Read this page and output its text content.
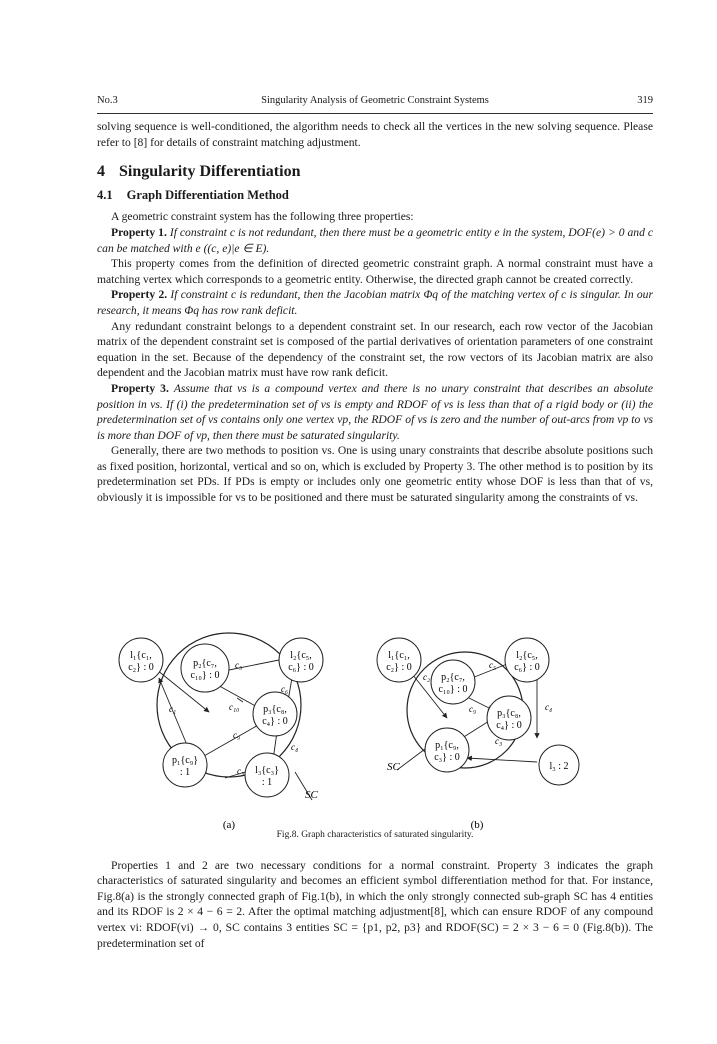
No.3	Singularity Analysis of Geometric Constraint Systems	319

solving sequence is well-conditioned, the algorithm needs to check all the vertices in the new solving sequence. Please refer to [8] for details of constraint matching adjustment.

4 Singularity Differentiation
4.1 Graph Differentiation Method

A geometric constraint system has the following three properties:

Property 1. If constraint c is not redundant, then there must be a geometric entity e in the system, DOF(e) > 0 and c can be matched with e ((c, e)|e ∈ E).

This property comes from the definition of directed geometric constraint graph. A normal constraint must have a matching vertex which corresponds to a geometric entity. Otherwise, the directed graph cannot be created correctly.

Property 2. If constraint c is redundant, then the Jacobian matrix Φq of the matching vertex of c is singular. In our research, it means Φq has row rank deficit.

Any redundant constraint belongs to a dependent constraint set. In our research, each row vector of the Jacobian matrix of the dependent constraint set is composed of the partial derivatives of orientation parameters of one constraint equation in the set. Because of the dependency of the constraint set, the row vectors of its Jacobian matrix are also dependent and the Jacobian matrix must have row rank deficit.

Property 3. Assume that vs is a compound vertex and there is no unary constraint that describes an absolute position in vs. If (i) the predetermination set of vs is empty and RDOF of vs is less than that of a rigid body or (ii) the predetermination set of vs contains only one vertex vp, the RDOF of vs is zero and the number of out-arcs from vp to vs is more than DOF of vp, then there must be saturated singularity.

Generally, there are two methods to position vs. One is using unary constraints that describe absolute positions such as fixed position, horizontal, vertical and so on, which is excluded by Property 3. The other method is to position by its predetermination set PDs. If PDs is empty or includes only one geometric entity whose DOF is less than that of vs, obviously it is impossible for vs to be positioned and there must be saturated singularity among the constraints of vs.

l₁{c₁,
c₂} : 0	p₂{c₇,
c₁₀} : 0
l₂{c₅,
c₆} : 0
p₃{c₈,
c₄} : 0
p₁{c₉}
: 1	l₃{c₃}
: 1
c₁
c₅
c₆
c₁₀
c₉
c₃
c₄
SC
(a)
l₁{c₁,
c₂} : 0
p₂{c₇,
c₁₀} : 0
l₂{c₅,
c₆} : 0
p₃{c₈,
c₄} : 0
p₁{c₉,
c₃} : 0
l₃ : 2
c₂
c₅
c₄
c₉
c₃
SC
(b)

Fig.8. Graph characteristics of saturated singularity.

Properties 1 and 2 are two necessary conditions for a normal constraint. Property 3 indicates the graph characteristics of saturated singularity and becomes an efficient symbol differentiation method for that. For instance, Fig.8(a) is the strongly connected graph of Fig.1(b), in which the only strongly connected sub-graph SC has 4 entities and its RDOF is 2 × 4 − 6 = 2. After the optimal matching adjustment[8], which can ensure RDOF of any compound vertex vi: RDOF(vi) → 0, SC contains 3 entities SC = {p1, p2, p3} and RDOF(SC) = 2 × 3 − 6 = 0 (Fig.8(b)). The predetermination set of
